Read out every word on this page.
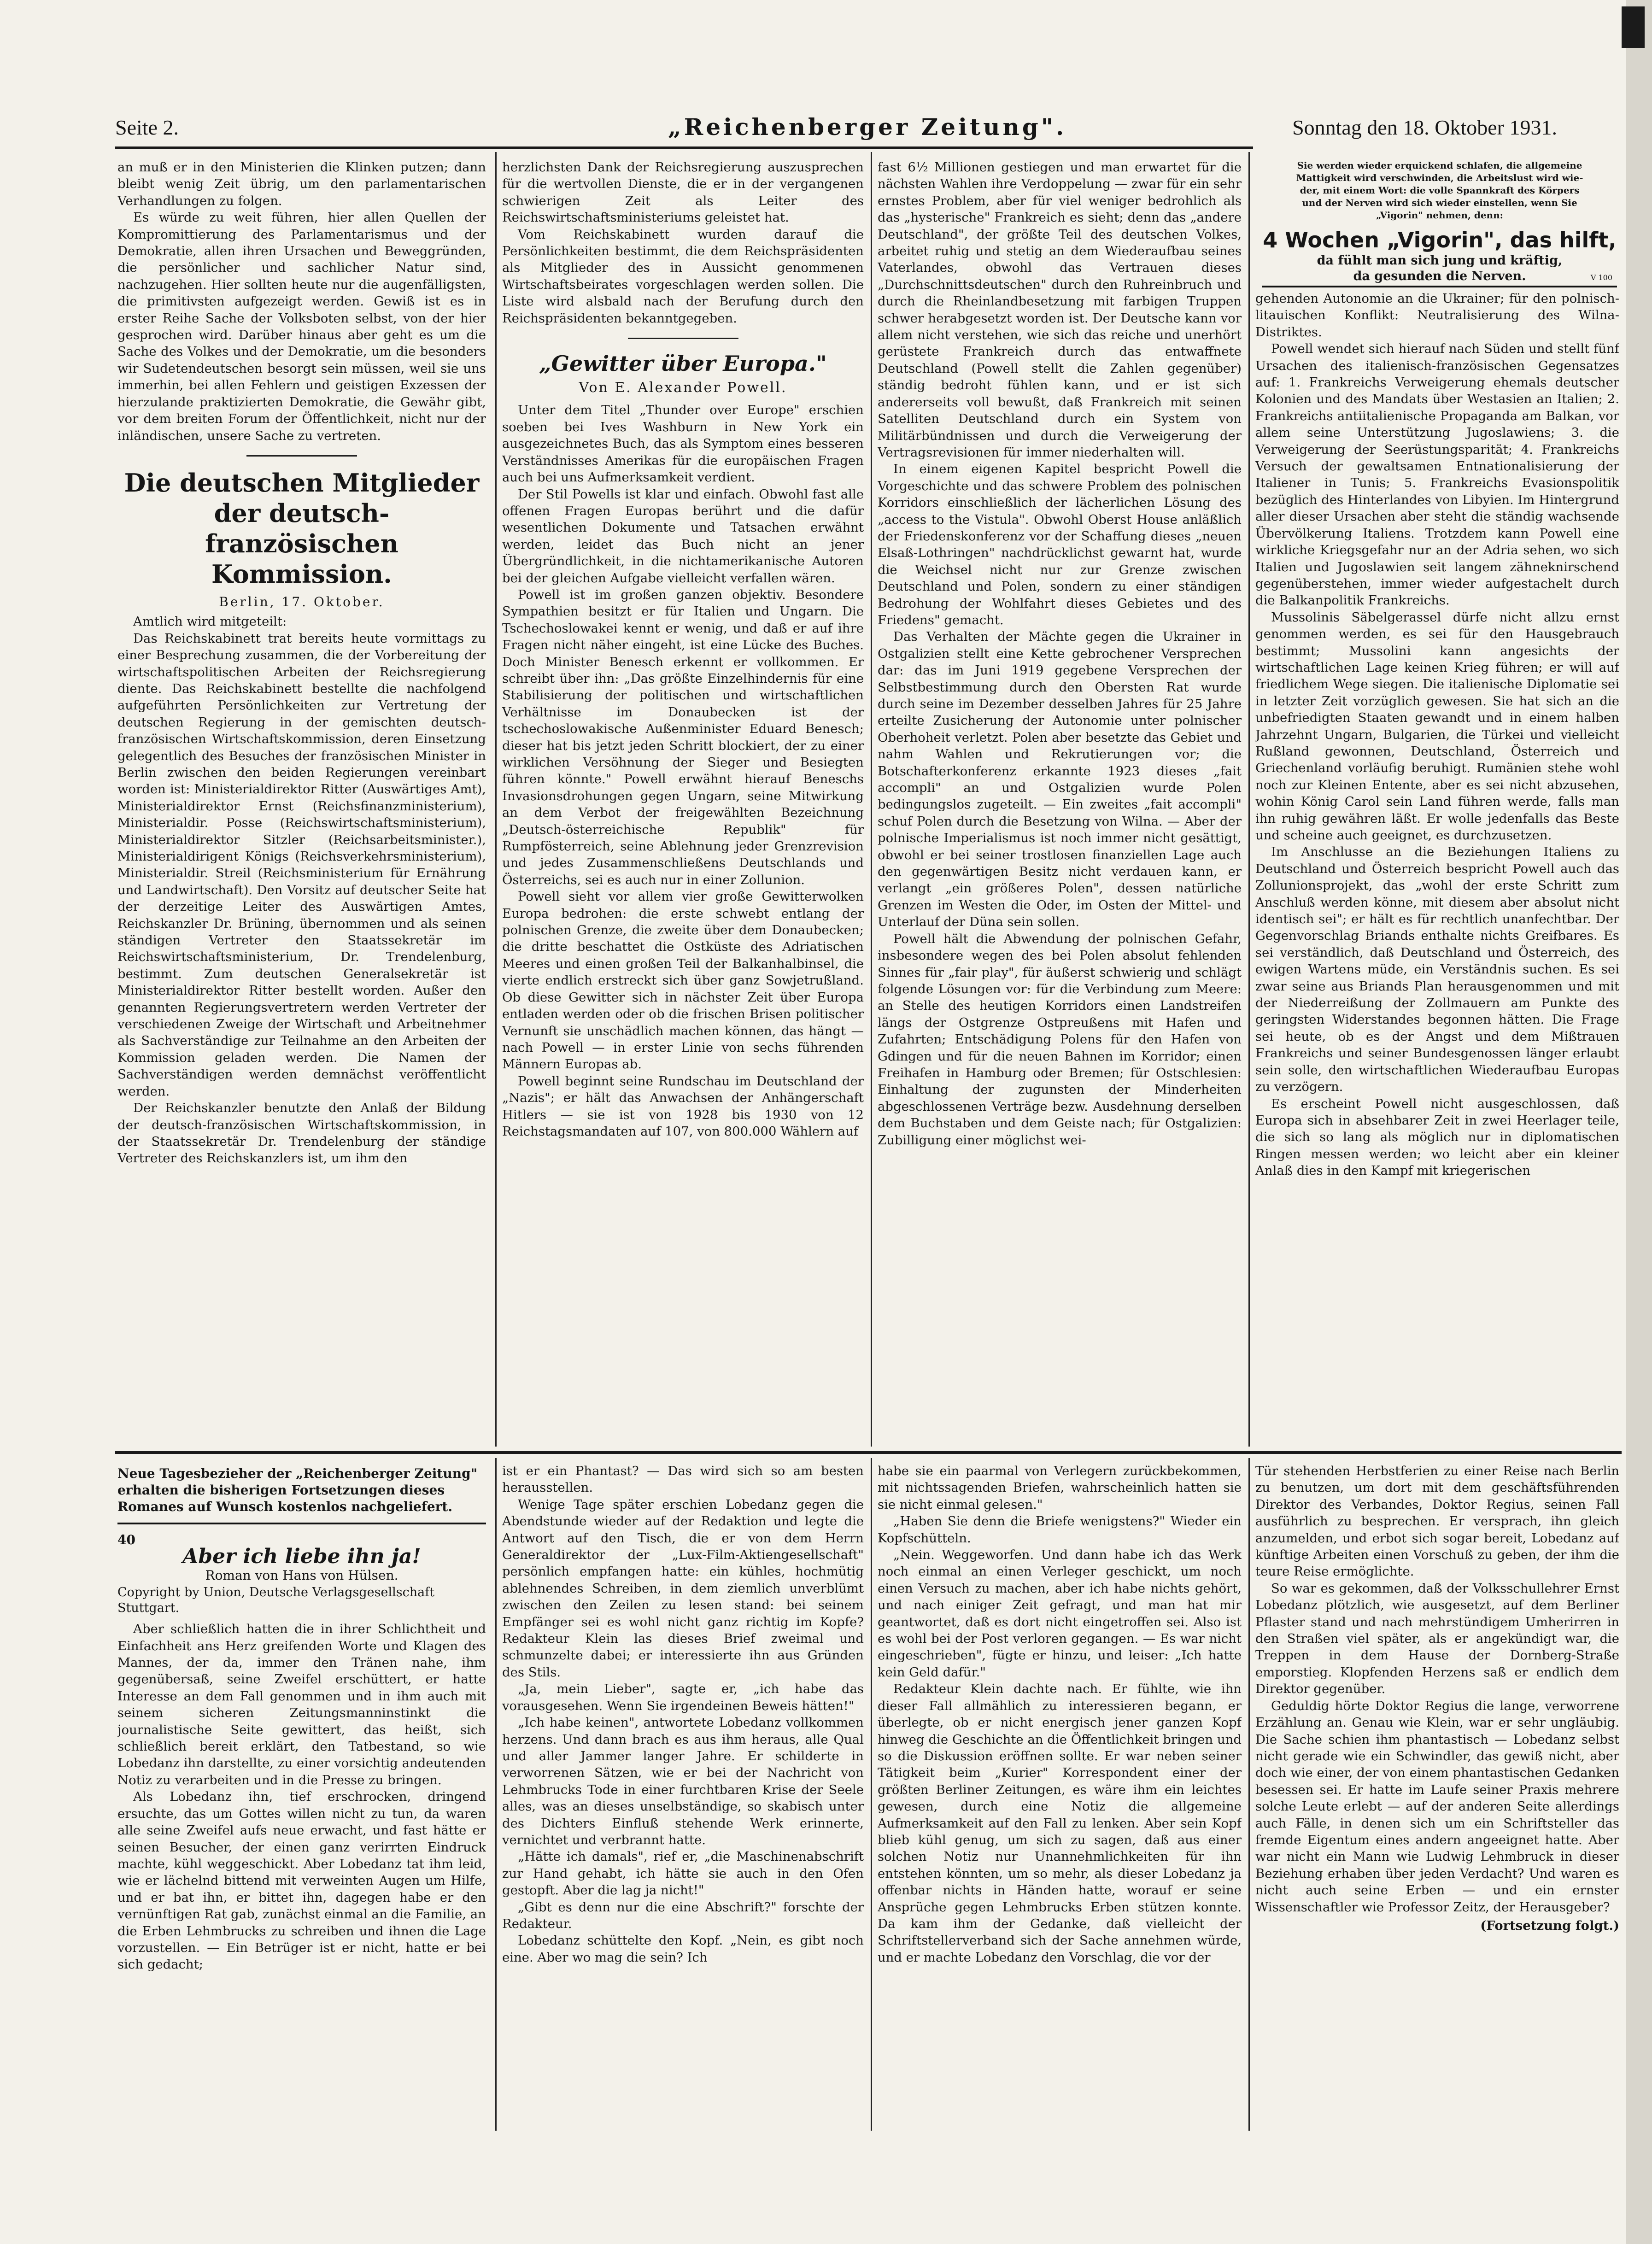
Seite 2.	„Reichenberger Zeitung".	Sonntag den 18. Oktober 1931.
Sie werden wieder erquickend schlafen, die allgemeine
Mattigkeit wird verschwinden, die Arbeitslust wird wie-
der, mit einem Wort: die volle Spannkraft des Körpers
und der Nerven wird sich wieder einstellen, wenn Sie
„Vigorin" nehmen, denn:
4 Wochen „Vigorin", das hilft,
da fühlt man sich jung und kräftig,
da gesunden die Nerven.	V 100

an muß er in den Ministerien die Klinken putzen; dann bleibt wenig Zeit übrig, um den parlamentarischen Verhandlungen zu folgen.

Es würde zu weit führen, hier allen Quellen der Kompromittierung des Parlamentarismus und der Demokratie, allen ihren Ursachen und Beweggründen, die persönlicher und sachlicher Natur sind, nachzugehen. Hier sollten heute nur die augenfälligsten, die primitivsten aufgezeigt werden. Gewiß ist es in erster Reihe Sache der Volksboten selbst, von der hier gesprochen wird. Darüber hinaus aber geht es um die Sache des Volkes und der Demokratie, um die besonders wir Sudetendeutschen besorgt sein müssen, weil sie uns immerhin, bei allen Fehlern und geistigen Exzessen der hierzulande praktizierten Demokratie, die Gewähr gibt, vor dem breiten Forum der Öffentlichkeit, nicht nur der inländischen, unsere Sache zu vertreten.

Die deutschen Mitglieder der deutsch-französischen Kommission.
Berlin, 17. Oktober.

Amtlich wird mitgeteilt:

Das Reichskabinett trat bereits heute vormittags zu einer Besprechung zusammen, die der Vorbereitung der wirtschaftspolitischen Arbeiten der Reichsregierung diente. Das Reichskabinett bestellte die nachfolgend aufgeführten Persönlichkeiten zur Vertretung der deutschen Regierung in der gemischten deutsch-französischen Wirtschaftskommission, deren Einsetzung gelegentlich des Besuches der französischen Minister in Berlin zwischen den beiden Regierungen vereinbart worden ist: Ministerialdirektor Ritter (Auswärtiges Amt), Ministerialdirektor Ernst (Reichsfinanzministerium), Ministerialdir. Posse (Reichswirtschaftsministerium), Ministerialdirektor Sitzler (Reichsarbeitsminister.), Ministerialdirigent Königs (Reichsverkehrsministerium), Ministerialdir. Streil (Reichsministerium für Ernährung und Landwirtschaft). Den Vorsitz auf deutscher Seite hat der derzeitige Leiter des Auswärtigen Amtes, Reichskanzler Dr. Brüning, übernommen und als seinen ständigen Vertreter den Staatssekretär im Reichswirtschaftsministerium, Dr. Trendelenburg, bestimmt. Zum deutschen Generalsekretär ist Ministerialdirektor Ritter bestellt worden. Außer den genannten Regierungsvertretern werden Vertreter der verschiedenen Zweige der Wirtschaft und Arbeitnehmer als Sachverständige zur Teilnahme an den Arbeiten der Kommission geladen werden. Die Namen der Sachverständigen werden demnächst veröffentlicht werden.

Der Reichskanzler benutzte den Anlaß der Bildung der deutsch-französischen Wirtschaftskommission, in der Staatssekretär Dr. Trendelenburg der ständige Vertreter des Reichskanzlers ist, um ihm den

herzlichsten Dank der Reichsregierung auszusprechen für die wertvollen Dienste, die er in der vergangenen schwierigen Zeit als Leiter des Reichswirtschaftsministeriums geleistet hat.

Vom Reichskabinett wurden darauf die Persönlichkeiten bestimmt, die dem Reichspräsidenten als Mitglieder des in Aussicht genommenen Wirtschaftsbeirates vorgeschlagen werden sollen. Die Liste wird alsbald nach der Berufung durch den Reichspräsidenten bekanntgegeben.

„Gewitter über Europa."
Von E. Alexander Powell.

Unter dem Titel „Thunder over Europe" erschien soeben bei Ives Washburn in New York ein ausgezeichnetes Buch, das als Symptom eines besseren Verständnisses Amerikas für die europäischen Fragen auch bei uns Aufmerksamkeit verdient.

Der Stil Powells ist klar und einfach. Obwohl fast alle offenen Fragen Europas berührt und die dafür wesentlichen Dokumente und Tatsachen erwähnt werden, leidet das Buch nicht an jener Übergründlichkeit, in die nichtamerikanische Autoren bei der gleichen Aufgabe vielleicht verfallen wären.

Powell ist im großen ganzen objektiv. Besondere Sympathien besitzt er für Italien und Ungarn. Die Tschechoslowakei kennt er wenig, und daß er auf ihre Fragen nicht näher eingeht, ist eine Lücke des Buches. Doch Minister Benesch erkennt er vollkommen. Er schreibt über ihn: „Das größte Einzelhindernis für eine Stabilisierung der politischen und wirtschaftlichen Verhältnisse im Donaubecken ist der tschechoslowakische Außenminister Eduard Benesch; dieser hat bis jetzt jeden Schritt blockiert, der zu einer wirklichen Versöhnung der Sieger und Besiegten führen könnte." Powell erwähnt hierauf Beneschs Invasionsdrohungen gegen Ungarn, seine Mitwirkung an dem Verbot der freigewählten Bezeichnung „Deutsch-österreichische Republik" für Rumpfösterreich, seine Ablehnung jeder Grenzrevision und jedes Zusammenschließens Deutschlands und Österreichs, sei es auch nur in einer Zollunion.

Powell sieht vor allem vier große Gewitterwolken Europa bedrohen: die erste schwebt entlang der polnischen Grenze, die zweite über dem Donaubecken; die dritte beschattet die Ostküste des Adriatischen Meeres und einen großen Teil der Balkanhalbinsel, die vierte endlich erstreckt sich über ganz Sowjetrußland. Ob diese Gewitter sich in nächster Zeit über Europa entladen werden oder ob die frischen Brisen politischer Vernunft sie unschädlich machen können, das hängt — nach Powell — in erster Linie von sechs führenden Männern Europas ab.

Powell beginnt seine Rundschau im Deutschland der „Nazis"; er hält das Anwachsen der Anhängerschaft Hitlers — sie ist von 1928 bis 1930 von 12 Reichstagsmandaten auf 107, von 800.000 Wählern auf

fast 6½ Millionen gestiegen und man erwartet für die nächsten Wahlen ihre Verdoppelung — zwar für ein sehr ernstes Problem, aber für viel weniger bedrohlich als das „hysterische" Frankreich es sieht; denn das „andere Deutschland", der größte Teil des deutschen Volkes, arbeitet ruhig und stetig an dem Wiederaufbau seines Vaterlandes, obwohl das Vertrauen dieses „Durchschnittsdeutschen" durch den Ruhreinbruch und durch die Rheinlandbesetzung mit farbigen Truppen schwer herabgesetzt worden ist. Der Deutsche kann vor allem nicht verstehen, wie sich das reiche und unerhört gerüstete Frankreich durch das entwaffnete Deutschland (Powell stellt die Zahlen gegenüber) ständig bedroht fühlen kann, und er ist sich andererseits voll bewußt, daß Frankreich mit seinen Satelliten Deutschland durch ein System von Militärbündnissen und durch die Verweigerung der Vertragsrevisionen für immer niederhalten will.

In einem eigenen Kapitel bespricht Powell die Vorgeschichte und das schwere Problem des polnischen Korridors einschließlich der lächerlichen Lösung des „access to the Vistula". Obwohl Oberst House anläßlich der Friedenskonferenz vor der Schaffung dieses „neuen Elsaß-Lothringen" nachdrücklichst gewarnt hat, wurde die Weichsel nicht nur zur Grenze zwischen Deutschland und Polen, sondern zu einer ständigen Bedrohung der Wohlfahrt dieses Gebietes und des Friedens" gemacht.

Das Verhalten der Mächte gegen die Ukrainer in Ostgalizien stellt eine Kette gebrochener Versprechen dar: das im Juni 1919 gegebene Versprechen der Selbstbestimmung durch den Obersten Rat wurde durch seine im Dezember desselben Jahres für 25 Jahre erteilte Zusicherung der Autonomie unter polnischer Oberhoheit verletzt. Polen aber besetzte das Gebiet und nahm Wahlen und Rekrutierungen vor; die Botschafterkonferenz erkannte 1923 dieses „fait accompli" an und Ostgalizien wurde Polen bedingungslos zugeteilt. — Ein zweites „fait accompli" schuf Polen durch die Besetzung von Wilna. — Aber der polnische Imperialismus ist noch immer nicht gesättigt, obwohl er bei seiner trostlosen finanziellen Lage auch den gegenwärtigen Besitz nicht verdauen kann, er verlangt „ein größeres Polen", dessen natürliche Grenzen im Westen die Oder, im Osten der Mittel- und Unterlauf der Düna sein sollen.

Powell hält die Abwendung der polnischen Gefahr, insbesondere wegen des bei Polen absolut fehlenden Sinnes für „fair play", für äußerst schwierig und schlägt folgende Lösungen vor: für die Verbindung zum Meere: an Stelle des heutigen Korridors einen Landstreifen längs der Ostgrenze Ostpreußens mit Hafen und Zufahrten; Entschädigung Polens für den Hafen von Gdingen und für die neuen Bahnen im Korridor; einen Freihafen in Hamburg oder Bremen; für Ostschlesien: Einhaltung der zugunsten der Minderheiten abgeschlossenen Verträge bezw. Ausdehnung derselben dem Buchstaben und dem Geiste nach; für Ostgalizien: Zubilligung einer möglichst wei-

gehenden Autonomie an die Ukrainer; für den polnisch-litauischen Konflikt: Neutralisierung des Wilna-Distriktes.

Powell wendet sich hierauf nach Süden und stellt fünf Ursachen des italienisch-französischen Gegensatzes auf: 1. Frankreichs Verweigerung ehemals deutscher Kolonien und des Mandats über Westasien an Italien; 2. Frankreichs antiitalienische Propaganda am Balkan, vor allem seine Unterstützung Jugoslawiens; 3. die Verweigerung der Seerüstungsparität; 4. Frankreichs Versuch der gewaltsamen Entnationalisierung der Italiener in Tunis; 5. Frankreichs Evasionspolitik bezüglich des Hinterlandes von Libyien. Im Hintergrund aller dieser Ursachen aber steht die ständig wachsende Übervölkerung Italiens. Trotzdem kann Powell eine wirkliche Kriegsgefahr nur an der Adria sehen, wo sich Italien und Jugoslawien seit langem zähneknirschend gegenüberstehen, immer wieder aufgestachelt durch die Balkanpolitik Frankreichs.

Mussolinis Säbelgerassel dürfe nicht allzu ernst genommen werden, es sei für den Hausgebrauch bestimmt; Mussolini kann angesichts der wirtschaftlichen Lage keinen Krieg führen; er will auf friedlichem Wege siegen. Die italienische Diplomatie sei in letzter Zeit vorzüglich gewesen. Sie hat sich an die unbefriedigten Staaten gewandt und in einem halben Jahrzehnt Ungarn, Bulgarien, die Türkei und vielleicht Rußland gewonnen, Deutschland, Österreich und Griechenland vorläufig beruhigt. Rumänien stehe wohl noch zur Kleinen Entente, aber es sei nicht abzusehen, wohin König Carol sein Land führen werde, falls man ihn ruhig gewähren läßt. Er wolle jedenfalls das Beste und scheine auch geeignet, es durchzusetzen.

Im Anschlusse an die Beziehungen Italiens zu Deutschland und Österreich bespricht Powell auch das Zollunionsprojekt, das „wohl der erste Schritt zum Anschluß werden könne, mit diesem aber absolut nicht identisch sei"; er hält es für rechtlich unanfechtbar. Der Gegenvorschlag Briands enthalte nichts Greifbares. Es sei verständlich, daß Deutschland und Österreich, des ewigen Wartens müde, ein Verständnis suchen. Es sei zwar seine aus Briands Plan herausgenommen und mit der Niederreißung der Zollmauern am Punkte des geringsten Widerstandes begonnen hätten. Die Frage sei heute, ob es der Angst und dem Mißtrauen Frankreichs und seiner Bundesgenossen länger erlaubt sein solle, den wirtschaftlichen Wiederaufbau Europas zu verzögern.

Es erscheint Powell nicht ausgeschlossen, daß Europa sich in absehbarer Zeit in zwei Heerlager teile, die sich so lang als möglich nur in diplomatischen Ringen messen werden; wo leicht aber ein kleiner Anlaß dies in den Kampf mit kriegerischen

Neue Tagesbezieher der „Reichenberger Zeitung" erhalten die bisherigen Fortsetzungen dieses Romanes auf Wunsch kostenlos nachgeliefert.
40
Aber ich liebe ihn ja!
Roman von Hans von Hülsen.
Copyright by Union, Deutsche Verlagsgesellschaft Stuttgart.

Aber schließlich hatten die in ihrer Schlichtheit und Einfachheit ans Herz greifenden Worte und Klagen des Mannes, der da, immer den Tränen nahe, ihm gegenübersaß, seine Zweifel erschüttert, er hatte Interesse an dem Fall genommen und in ihm auch mit seinem sicheren Zeitungsmanninstinkt die journalistische Seite gewittert, das heißt, sich schließlich bereit erklärt, den Tatbestand, so wie Lobedanz ihn darstellte, zu einer vorsichtig andeutenden Notiz zu verarbeiten und in die Presse zu bringen.

Als Lobedanz ihn, tief erschrocken, dringend ersuchte, das um Gottes willen nicht zu tun, da waren alle seine Zweifel aufs neue erwacht, und fast hätte er seinen Besucher, der einen ganz verirrten Eindruck machte, kühl weggeschickt. Aber Lobedanz tat ihm leid, wie er lächelnd bittend mit verweinten Augen um Hilfe, und er bat ihn, er bittet ihn, dagegen habe er den vernünftigen Rat gab, zunächst einmal an die Familie, an die Erben Lehmbrucks zu schreiben und ihnen die Lage vorzustellen. — Ein Betrüger ist er nicht, hatte er bei sich gedacht;

ist er ein Phantast? — Das wird sich so am besten herausstellen.

Wenige Tage später erschien Lobedanz gegen die Abendstunde wieder auf der Redaktion und legte die Antwort auf den Tisch, die er von dem Herrn Generaldirektor der „Lux-Film-Aktiengesellschaft" persönlich empfangen hatte: ein kühles, hochmütig ablehnendes Schreiben, in dem ziemlich unverblümt zwischen den Zeilen zu lesen stand: bei seinem Empfänger sei es wohl nicht ganz richtig im Kopfe? Redakteur Klein las dieses Brief zweimal und schmunzelte dabei; er interessierte ihn aus Gründen des Stils.

„Ja, mein Lieber", sagte er, „ich habe das vorausgesehen. Wenn Sie irgendeinen Beweis hätten!"

„Ich habe keinen", antwortete Lobedanz vollkommen herzens. Und dann brach es aus ihm heraus, alle Qual und aller Jammer langer Jahre. Er schilderte in verworrenen Sätzen, wie er bei der Nachricht von Lehmbrucks Tode in einer furchtbaren Krise der Seele alles, was an dieses unselbständige, so skabisch unter des Dichters Einfluß stehende Werk erinnerte, vernichtet und verbrannt hatte.

„Hätte ich damals", rief er, „die Maschinenabschrift zur Hand gehabt, ich hätte sie auch in den Ofen gestopft. Aber die lag ja nicht!"

„Gibt es denn nur die eine Abschrift?" forschte der Redakteur.

Lobedanz schüttelte den Kopf. „Nein, es gibt noch eine. Aber wo mag die sein? Ich

habe sie ein paarmal von Verlegern zurückbekommen, mit nichtssagenden Briefen, wahrscheinlich hatten sie sie nicht einmal gelesen."

„Haben Sie denn die Briefe wenigstens?" Wieder ein Kopfschütteln.

„Nein. Weggeworfen. Und dann habe ich das Werk noch einmal an einen Verleger geschickt, um noch einen Versuch zu machen, aber ich habe nichts gehört, und nach einiger Zeit gefragt, und man hat mir geantwortet, daß es dort nicht eingetroffen sei. Also ist es wohl bei der Post verloren gegangen. — Es war nicht eingeschrieben", fügte er hinzu, und leiser: „Ich hatte kein Geld dafür."

Redakteur Klein dachte nach. Er fühlte, wie ihn dieser Fall allmählich zu interessieren begann, er überlegte, ob er nicht energisch jener ganzen Kopf hinweg die Geschichte an die Öffentlichkeit bringen und so die Diskussion eröffnen sollte. Er war neben seiner Tätigkeit beim „Kurier" Korrespondent einer der größten Berliner Zeitungen, es wäre ihm ein leichtes gewesen, durch eine Notiz die allgemeine Aufmerksamkeit auf den Fall zu lenken. Aber sein Kopf blieb kühl genug, um sich zu sagen, daß aus einer solchen Notiz nur Unannehmlichkeiten für ihn entstehen könnten, um so mehr, als dieser Lobedanz ja offenbar nichts in Händen hatte, worauf er seine Ansprüche gegen Lehmbrucks Erben stützen konnte. Da kam ihm der Gedanke, daß vielleicht der Schriftstellerverband sich der Sache annehmen würde, und er machte Lobedanz den Vorschlag, die vor der

Tür stehenden Herbstferien zu einer Reise nach Berlin zu benutzen, um dort mit dem geschäftsführenden Direktor des Verbandes, Doktor Regius, seinen Fall ausführlich zu besprechen. Er versprach, ihn gleich anzumelden, und erbot sich sogar bereit, Lobedanz auf künftige Arbeiten einen Vorschuß zu geben, der ihm die teure Reise ermöglichte.

So war es gekommen, daß der Volksschullehrer Ernst Lobedanz plötzlich, wie ausgesetzt, auf dem Berliner Pflaster stand und nach mehrstündigem Umherirren in den Straßen viel später, als er angekündigt war, die Treppen in dem Hause der Dornberg-Straße emporstieg. Klopfenden Herzens saß er endlich dem Direktor gegenüber.

Geduldig hörte Doktor Regius die lange, verworrene Erzählung an. Genau wie Klein, war er sehr ungläubig. Die Sache schien ihm phantastisch — Lobedanz selbst nicht gerade wie ein Schwindler, das gewiß nicht, aber doch wie einer, der von einem phantastischen Gedanken besessen sei. Er hatte im Laufe seiner Praxis mehrere solche Leute erlebt — auf der anderen Seite allerdings auch Fälle, in denen sich um ein Schriftsteller das fremde Eigentum eines andern angeeignet hatte. Aber war nicht ein Mann wie Ludwig Lehmbruck in dieser Beziehung erhaben über jeden Verdacht? Und waren es nicht auch seine Erben — und ein ernster Wissenschaftler wie Professor Zeitz, der Herausgeber?

(Fortsetzung folgt.)
